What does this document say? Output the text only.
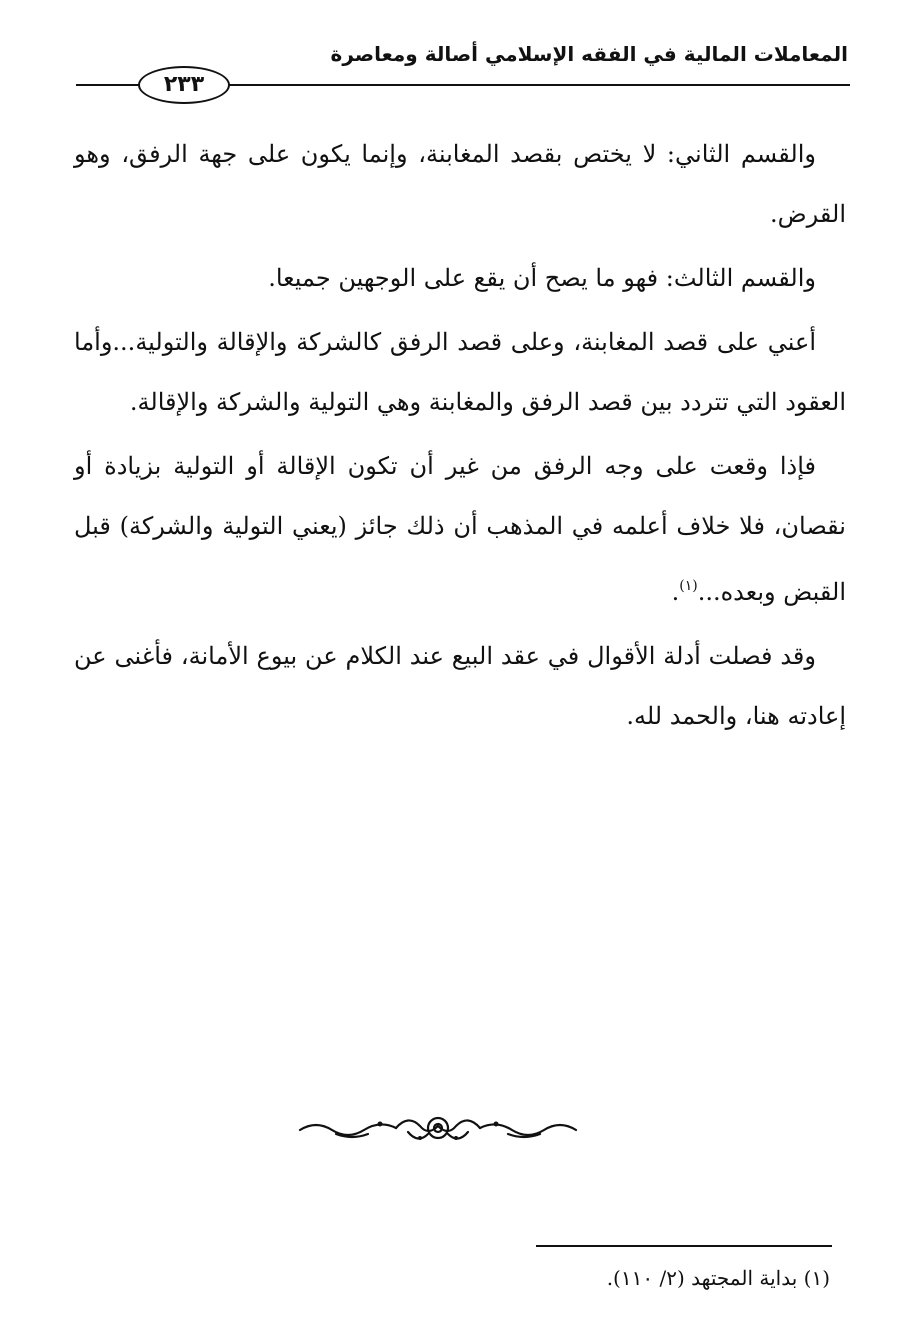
المعاملات المالية في الفقه الإسلامي أصالة ومعاصرة
٢٣٣

والقسم الثاني: لا يختص بقصد المغابنة، وإنما يكون على جهة الرفق، وهو القرض.

والقسم الثالث: فهو ما يصح أن يقع على الوجهين جميعا.

أعني على قصد المغابنة، وعلى قصد الرفق كالشركة والإقالة والتولية...وأما العقود التي تتردد بين قصد الرفق والمغابنة وهي التولية والشركة والإقالة.

فإذا وقعت على وجه الرفق من غير أن تكون الإقالة أو التولية بزيادة أو نقصان، فلا خلاف أعلمه في المذهب أن ذلك جائز (يعني التولية والشركة) قبل القبض وبعده...$^{(١)}$.

وقد فصلت أدلة الأقوال في عقد البيع عند الكلام عن بيوع الأمانة، فأغنى عن إعادته هنا، والحمد لله.

(١) بداية المجتهد (٢/ ١١٠).
